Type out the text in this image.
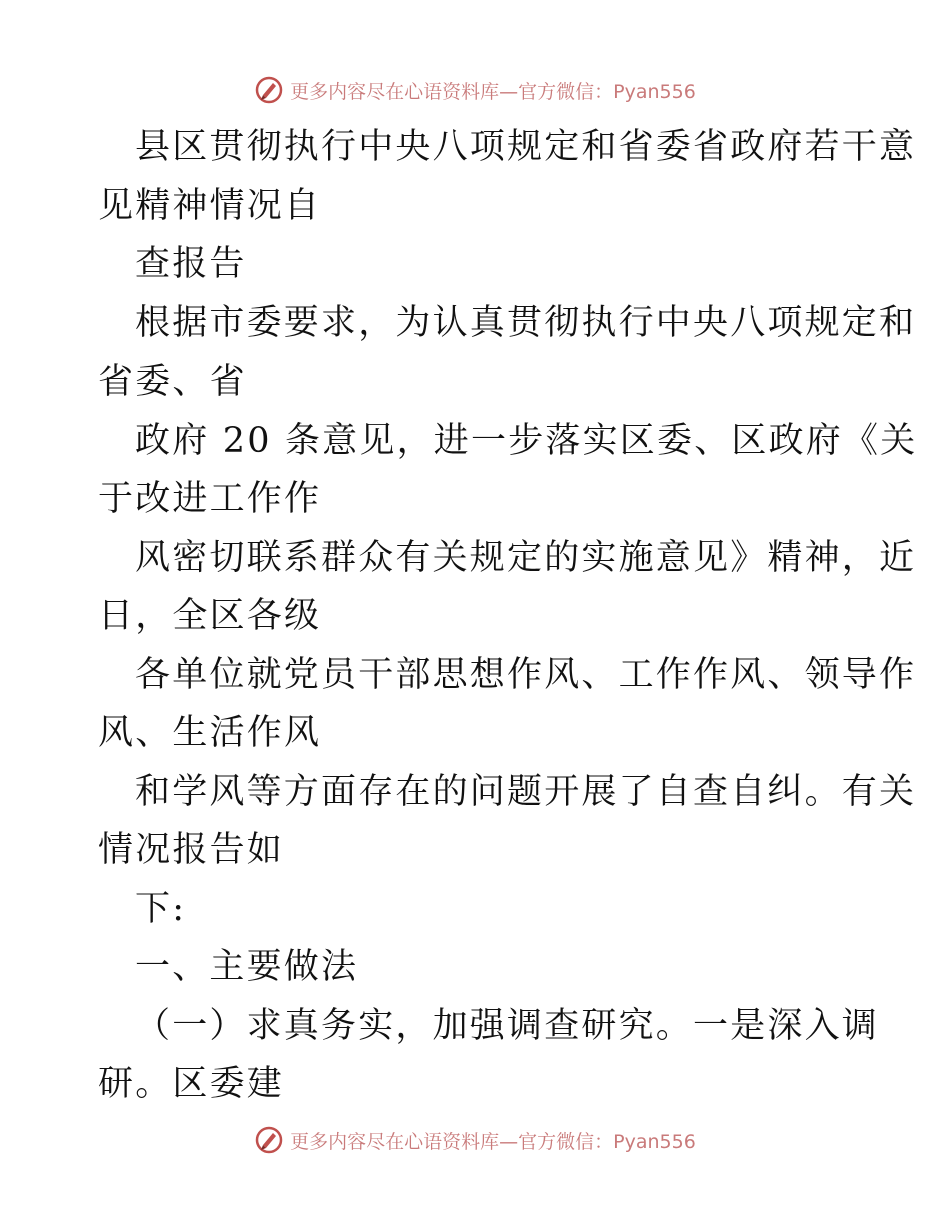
更多内容尽在心语资料库—官方微信：Pyan556
县区贯彻执行中央八项规定和省委省政府若干意
见精神情况自
查报告
根据市委要求，为认真贯彻执行中央八项规定和
省委、省
政府 20 条意见，进一步落实区委、区政府《关
于改进工作作
风密切联系群众有关规定的实施意见》精神，近
日，全区各级
各单位就党员干部思想作风、工作作风、领导作
风、生活作风
和学风等方面存在的问题开展了自查自纠。有关
情况报告如
下:
一、主要做法
（一）求真务实，加强调查研究。一是深入调
研。区委建
更多内容尽在心语资料库—官方微信：Pyan556
